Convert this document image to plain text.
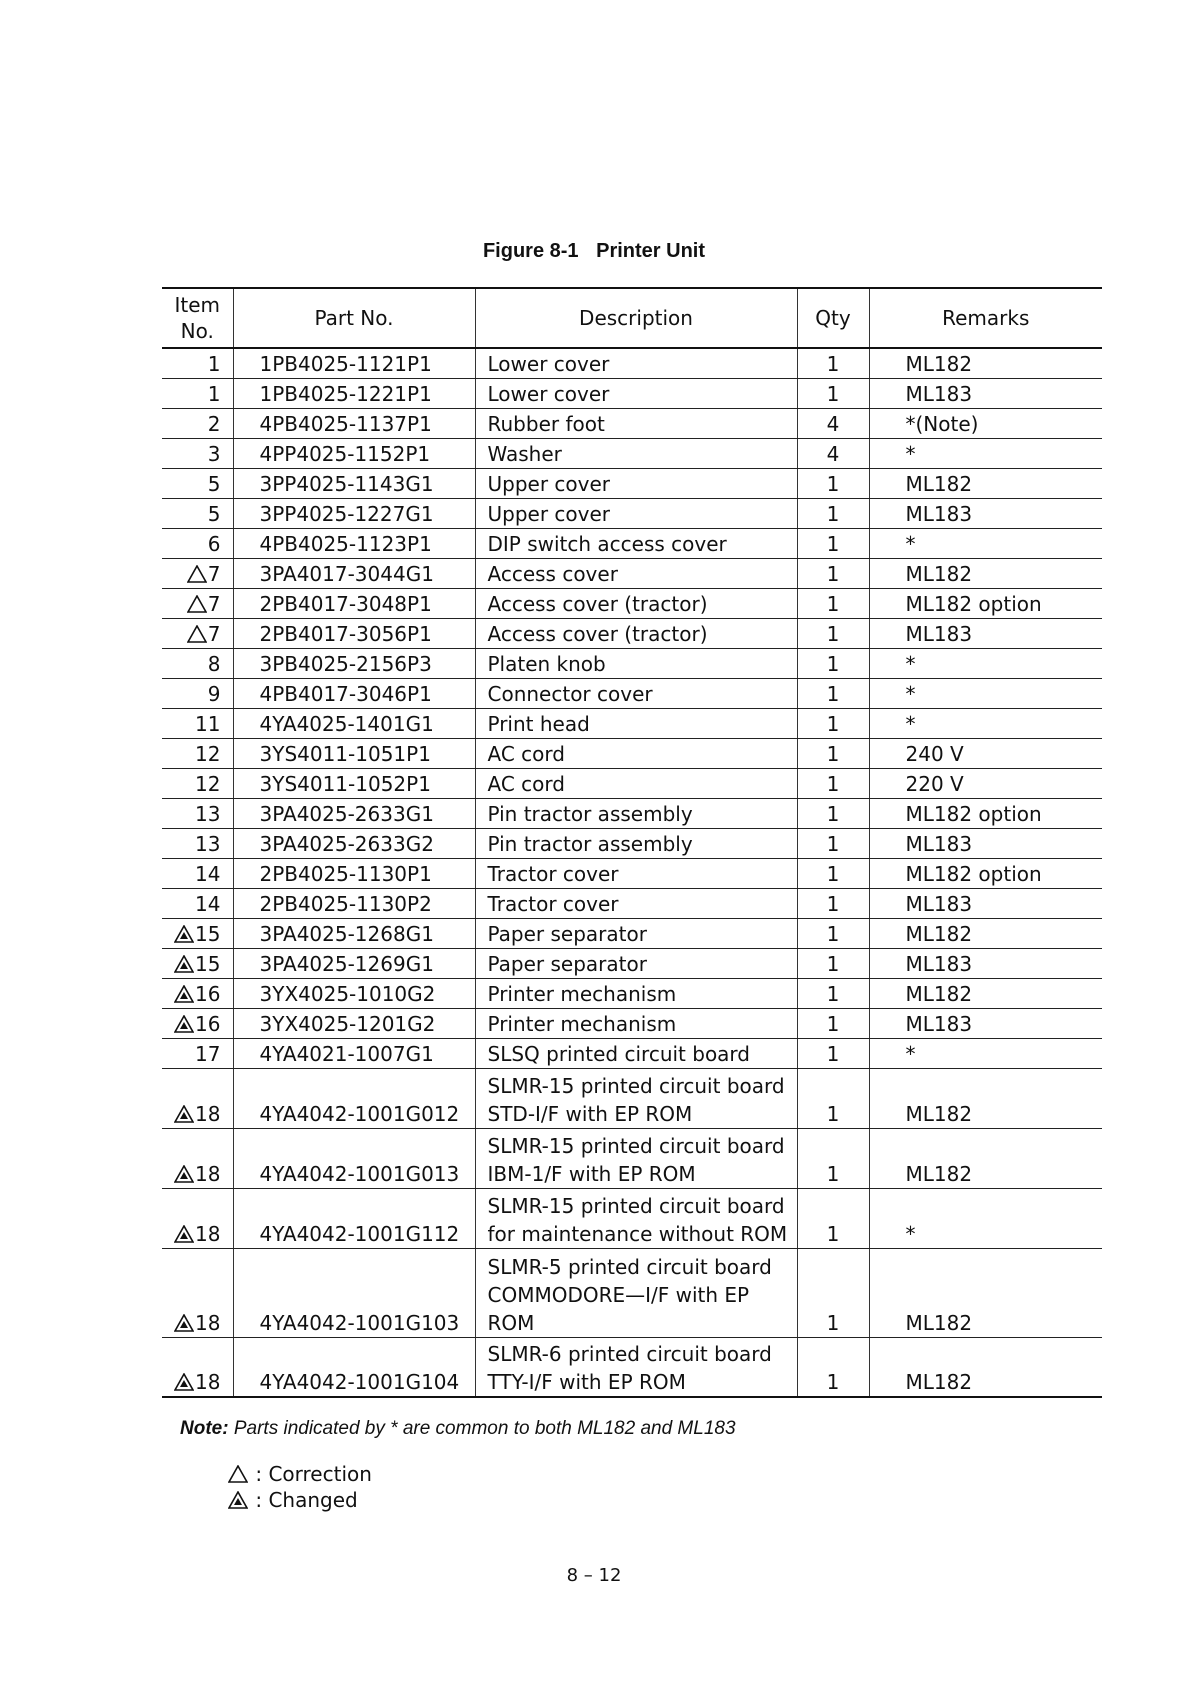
Figure 8-1 Printer Unit
Item
No.	Part No.	Description	Qty	Remarks
1	1PB4025-1121P1	Lower cover	1	ML182
1	1PB4025-1221P1	Lower cover	1	ML183
2	4PB4025-1137P1	Rubber foot	4	*(Note)
3	4PP4025-1152P1	Washer	4	*
5	3PP4025-1143G1	Upper cover	1	ML182
5	3PP4025-1227G1	Upper cover	1	ML183
6	4PB4025-1123P1	DIP switch access cover	1	*
7	3PA4017-3044G1	Access cover	1	ML182
7	2PB4017-3048P1	Access cover (tractor)	1	ML182 option
7	2PB4017-3056P1	Access cover (tractor)	1	ML183
8	3PB4025-2156P3	Platen knob	1	*
9	4PB4017-3046P1	Connector cover	1	*
11	4YA4025-1401G1	Print head	1	*
12	3YS4011-1051P1	AC cord	1	240 V
12	3YS4011-1052P1	AC cord	1	220 V
13	3PA4025-2633G1	Pin tractor assembly	1	ML182 option
13	3PA4025-2633G2	Pin tractor assembly	1	ML183
14	2PB4025-1130P1	Tractor cover	1	ML182 option
14	2PB4025-1130P2	Tractor cover	1	ML183
15	3PA4025-1268G1	Paper separator	1	ML182
15	3PA4025-1269G1	Paper separator	1	ML183
16	3YX4025-1010G2	Printer mechanism	1	ML182
16	3YX4025-1201G2	Printer mechanism	1	ML183
17	4YA4021-1007G1	SLSQ printed circuit board	1	*
18	4YA4042-1001G012	SLMR-15 printed circuit board STD-I/F with EP ROM	1	ML182
18	4YA4042-1001G013	SLMR-15 printed circuit board IBM-1/F with EP ROM	1	ML182
18	4YA4042-1001G112	SLMR-15 printed circuit board for maintenance without ROM	1	*
18	4YA4042-1001G103	SLMR-5 printed circuit board COMMODORE—I/F with EP ROM	1	ML182
18	4YA4042-1001G104	SLMR-6 printed circuit board TTY-I/F with EP ROM	1	ML182
Note: Parts indicated by * are common to both ML182 and ML183
: Correction
: Changed
8 – 12
